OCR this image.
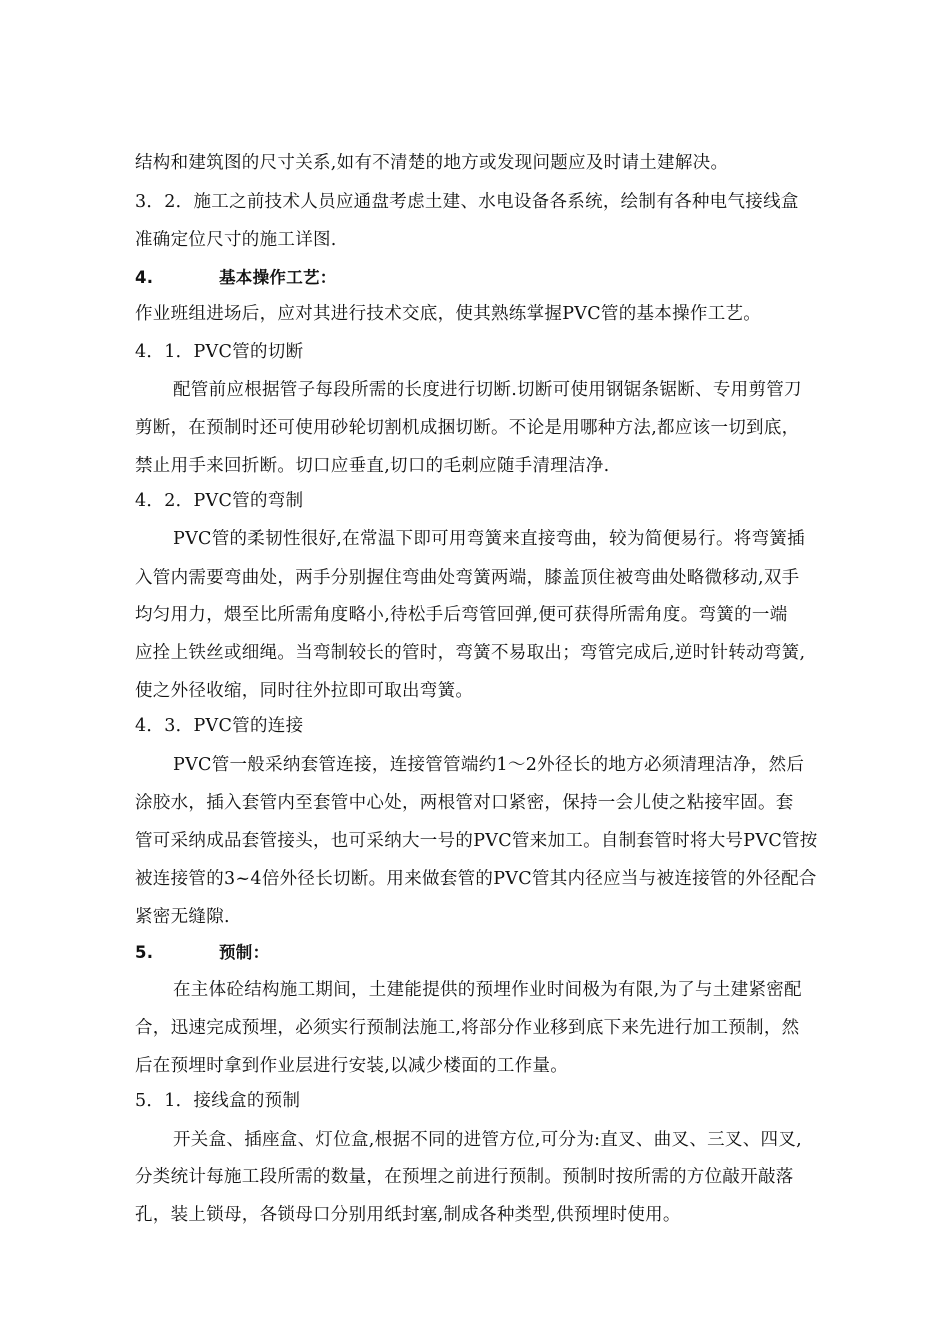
结构和建筑图的尺寸关系,如有不清楚的地方或发现问题应及时请土建解决。
3．2．施工之前技术人员应通盘考虑土建、水电设备各系统，绘制有各种电气接线盒
准确定位尺寸的施工详图.
4.	基本操作工艺：
作业班组进场后，应对其进行技术交底，使其熟练掌握PVC管的基本操作工艺。
4．1．PVC管的切断
配管前应根据管子每段所需的长度进行切断.切断可使用钢锯条锯断、专用剪管刀
剪断，在预制时还可使用砂轮切割机成捆切断。不论是用哪种方法,都应该一切到底，
禁止用手来回折断。切口应垂直,切口的毛刺应随手清理洁净.
4．2．PVC管的弯制
PVC管的柔韧性很好,在常温下即可用弯簧来直接弯曲，较为简便易行。将弯簧插
入管内需要弯曲处，两手分别握住弯曲处弯簧两端，膝盖顶住被弯曲处略微移动,双手
均匀用力，煨至比所需角度略小,待松手后弯管回弹,便可获得所需角度。弯簧的一端
应拴上铁丝或细绳。当弯制较长的管时，弯簧不易取出；弯管完成后,逆时针转动弯簧,
使之外径收缩，同时往外拉即可取出弯簧。
4．3．PVC管的连接
PVC管一般采纳套管连接，连接管管端约1～2外径长的地方必须清理洁净，然后
涂胶水，插入套管内至套管中心处，两根管对口紧密，保持一会儿使之粘接牢固。套
管可采纳成品套管接头，也可采纳大一号的PVC管来加工。自制套管时将大号PVC管按
被连接管的3~4倍外径长切断。用来做套管的PVC管其内径应当与被连接管的外径配合
紧密无缝隙.
5.	预制：
在主体砼结构施工期间，土建能提供的预埋作业时间极为有限,为了与土建紧密配
合，迅速完成预埋，必须实行预制法施工,将部分作业移到底下来先进行加工预制，然
后在预埋时拿到作业层进行安装,以减少楼面的工作量。
5．1．接线盒的预制
开关盒、插座盒、灯位盒,根据不同的进管方位,可分为:直叉、曲叉、三叉、四叉,
分类统计每施工段所需的数量，在预埋之前进行预制。预制时按所需的方位敲开敲落
孔，装上锁母，各锁母口分别用纸封塞,制成各种类型,供预埋时使用。
